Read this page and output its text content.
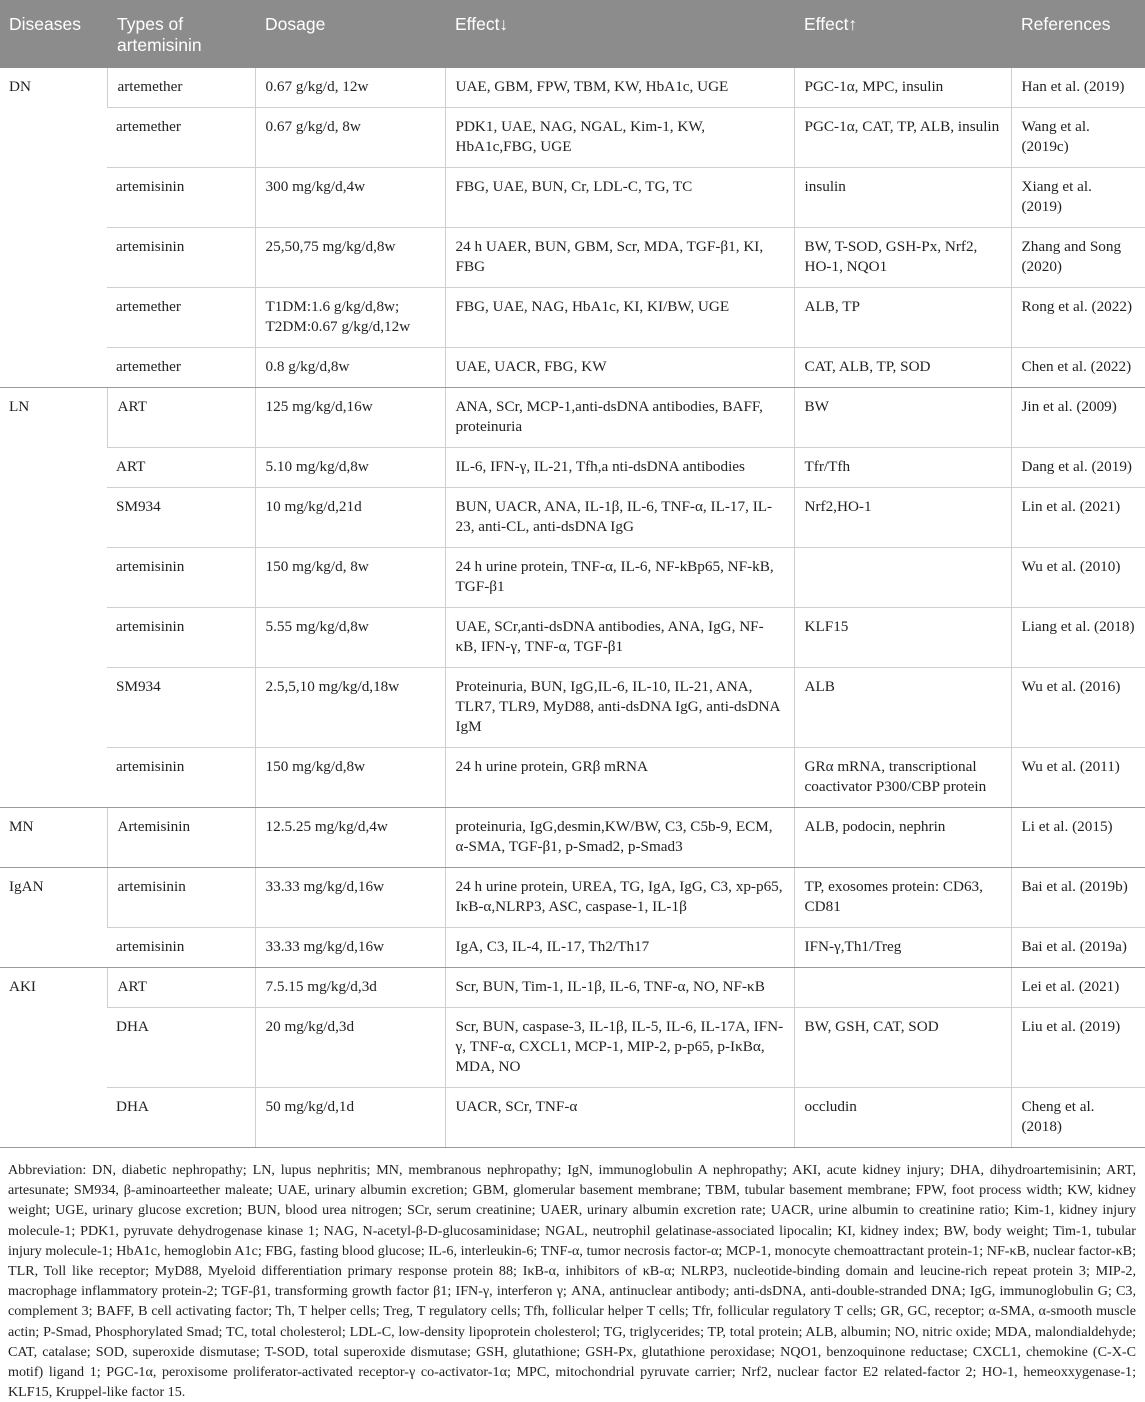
Diseases	Types of artemisinin	Dosage	Effect↓	Effect↑	References
DN	artemether	0.67 g/kg/d, 12w	UAE, GBM, FPW, TBM, KW, HbA1c, UGE	PGC-1α, MPC, insulin	Han et al. (2019)
	artemether	0.67 g/kg/d, 8w	PDK1, UAE, NAG, NGAL, Kim-1, KW, HbA1c,FBG, UGE	PGC-1α, CAT, TP, ALB, insulin	Wang et al. (2019c)
	artemisinin	300 mg/kg/d,4w	FBG, UAE, BUN, Cr, LDL-C, TG, TC	insulin	Xiang et al. (2019)
	artemisinin	25,50,75 mg/kg/d,8w	24 h UAER, BUN, GBM, Scr, MDA, TGF-β1, KI, FBG	BW, T-SOD, GSH-Px, Nrf2, HO-1, NQO1	Zhang and Song (2020)
	artemether	T1DM:1.6 g/kg/d,8w; T2DM:0.67 g/kg/d,12w	FBG, UAE, NAG, HbA1c, KI, KI/BW, UGE	ALB, TP	Rong et al. (2022)
	artemether	0.8 g/kg/d,8w	UAE, UACR, FBG, KW	CAT, ALB, TP, SOD	Chen et al. (2022)
LN	ART	125 mg/kg/d,16w	ANA, SCr, MCP-1,anti-dsDNA antibodies, BAFF, proteinuria	BW	Jin et al. (2009)
	ART	5.10 mg/kg/d,8w	IL-6, IFN-γ, IL-21, Tfh,a nti-dsDNA antibodies	Tfr/Tfh	Dang et al. (2019)
	SM934	10 mg/kg/d,21d	BUN, UACR, ANA, IL-1β, IL-6, TNF-α, IL-17, IL-23, anti-CL, anti-dsDNA IgG	Nrf2,HO-1	Lin et al. (2021)
	artemisinin	150 mg/kg/d, 8w	24 h urine protein, TNF-α, IL-6, NF-kBp65, NF-kB, TGF-β1		Wu et al. (2010)
	artemisinin	5.55 mg/kg/d,8w	UAE, SCr,anti-dsDNA antibodies, ANA, IgG, NF-κB, IFN-γ, TNF-α, TGF-β1	KLF15	Liang et al. (2018)
	SM934	2.5,5,10 mg/kg/d,18w	Proteinuria, BUN, IgG,IL-6, IL-10, IL-21, ANA, TLR7, TLR9, MyD88, anti-dsDNA IgG, anti-dsDNA IgM	ALB	Wu et al. (2016)
	artemisinin	150 mg/kg/d,8w	24 h urine protein, GRβ mRNA	GRα mRNA, transcriptional coactivator P300/CBP protein	Wu et al. (2011)
MN	Artemisinin	12.5.25 mg/kg/d,4w	proteinuria, IgG,desmin,KW/BW, C3, C5b-9, ECM, α-SMA, TGF-β1, p-Smad2, p-Smad3	ALB, podocin, nephrin	Li et al. (2015)
IgAN	artemisinin	33.33 mg/kg/d,16w	24 h urine protein, UREA, TG, IgA, IgG, C3, xp-p65, IκB-α,NLRP3, ASC, caspase-1, IL-1β	TP, exosomes protein: CD63, CD81	Bai et al. (2019b)
	artemisinin	33.33 mg/kg/d,16w	IgA, C3, IL-4, IL-17, Th2/Th17	IFN-γ,Th1/Treg	Bai et al. (2019a)
AKI	ART	7.5.15 mg/kg/d,3d	Scr, BUN, Tim-1, IL-1β, IL-6, TNF-α, NO, NF-κB		Lei et al. (2021)
	DHA	20 mg/kg/d,3d	Scr, BUN, caspase-3, IL-1β, IL-5, IL-6, IL-17A, IFN-γ, TNF-α, CXCL1, MCP-1, MIP-2, p-p65, p-IκBα, MDA, NO	BW, GSH, CAT, SOD	Liu et al. (2019)
	DHA	50 mg/kg/d,1d	UACR, SCr, TNF-α	occludin	Cheng et al. (2018)
Abbreviation: DN, diabetic nephropathy; LN, lupus nephritis; MN, membranous nephropathy; IgN, immunoglobulin A nephropathy; AKI, acute kidney injury; DHA, dihydroartemisinin; ART, artesunate; SM934, β-aminoarteether maleate; UAE, urinary albumin excretion; GBM, glomerular basement membrane; TBM, tubular basement membrane; FPW, foot process width; KW, kidney weight; UGE, urinary glucose excretion; BUN, blood urea nitrogen; SCr, serum creatinine; UAER, urinary albumin excretion rate; UACR, urine albumin to creatinine ratio; Kim-1, kidney injury molecule-1; PDK1, pyruvate dehydrogenase kinase 1; NAG, N-acetyl-β-D-glucosaminidase; NGAL, neutrophil gelatinase-associated lipocalin; KI, kidney index; BW, body weight; Tim-1, tubular injury molecule-1; HbA1c, hemoglobin A1c; FBG, fasting blood glucose; IL-6, interleukin-6; TNF-α, tumor necrosis factor-α; MCP-1, monocyte chemoattractant protein-1; NF-κB, nuclear factor-κB; TLR, Toll like receptor; MyD88, Myeloid differentiation primary response protein 88; IκB-α, inhibitors of κB-α; NLRP3, nucleotide-binding domain and leucine-rich repeat protein 3; MIP-2, macrophage inflammatory protein-2; TGF-β1, transforming growth factor β1; IFN-γ, interferon γ; ANA, antinuclear antibody; anti-dsDNA, anti-double-stranded DNA; IgG, immunoglobulin G; C3, complement 3; BAFF, B cell activating factor; Th, T helper cells; Treg, T regulatory cells; Tfh, follicular helper T cells; Tfr, follicular regulatory T cells; GR, GC, receptor; α-SMA, α-smooth muscle actin; P-Smad, Phosphorylated Smad; TC, total cholesterol; LDL-C, low-density lipoprotein cholesterol; TG, triglycerides; TP, total protein; ALB, albumin; NO, nitric oxide; MDA, malondialdehyde; CAT, catalase; SOD, superoxide dismutase; T-SOD, total superoxide dismutase; GSH, glutathione; GSH-Px, glutathione peroxidase; NQO1, benzoquinone reductase; CXCL1, chemokine (C-X-C motif) ligand 1; PGC-1α, peroxisome proliferator-activated receptor-γ co-activator-1α; MPC, mitochondrial pyruvate carrier; Nrf2, nuclear factor E2 related-factor 2; HO-1, hemeoxxygenase-1; KLF15, Kruppel-like factor 15.
